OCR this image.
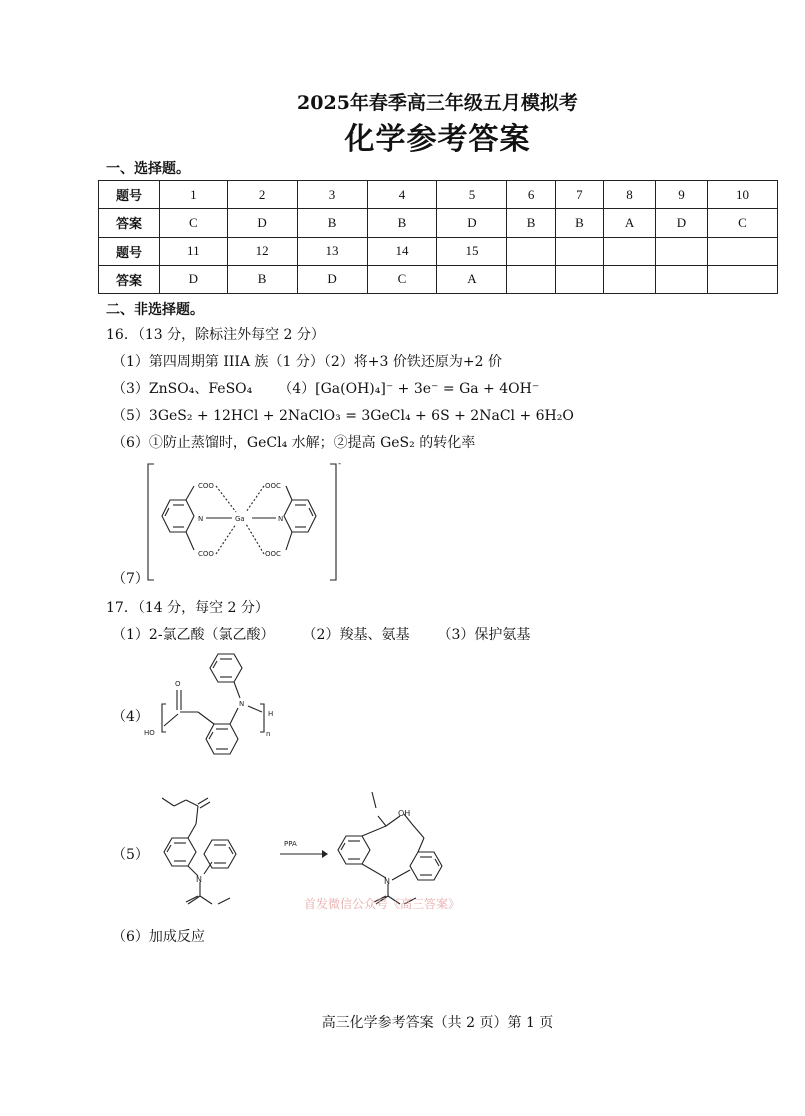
2025年春季高三年级五月模拟考
化学参考答案
一、选择题。
题号	1	2	3	4	5	6	7	8	9	10
答案	C	D	B	B	D	B	B	A	D	C
题号	11	12	13	14	15					
答案	D	B	D	C	A					
二、非选择题。
16．（13 分，除标注外每空 2 分）
（1）第四周期第 IIIA 族（1 分）（2）将+3 价铁还原为+2 价
（3）ZnSO₄、FeSO₄ （4）[Ga(OH)₄]⁻ + 3e⁻ = Ga + 4OH⁻
（5）3GeS₂ + 12HCl + 2NaClO₃ = 3GeCl₄ + 6S + 2NaCl + 6H₂O
（6）①防止蒸馏时，GeCl₄ 水解；②提高 GeS₂ 的转化率
（7）
COO
COO
N	Ga
OOC
OOC
N
-
17．（14 分，每空 2 分）
（1）2-氯乙酸（氯乙酸） （2）羧基、氨基 （3）保护氨基
（4）
O
HO
N
H
n
（5）
N
PPA
OH
N
首发微信公众号《高三答案》
（6）加成反应
高三化学参考答案（共 2 页）第 1 页
